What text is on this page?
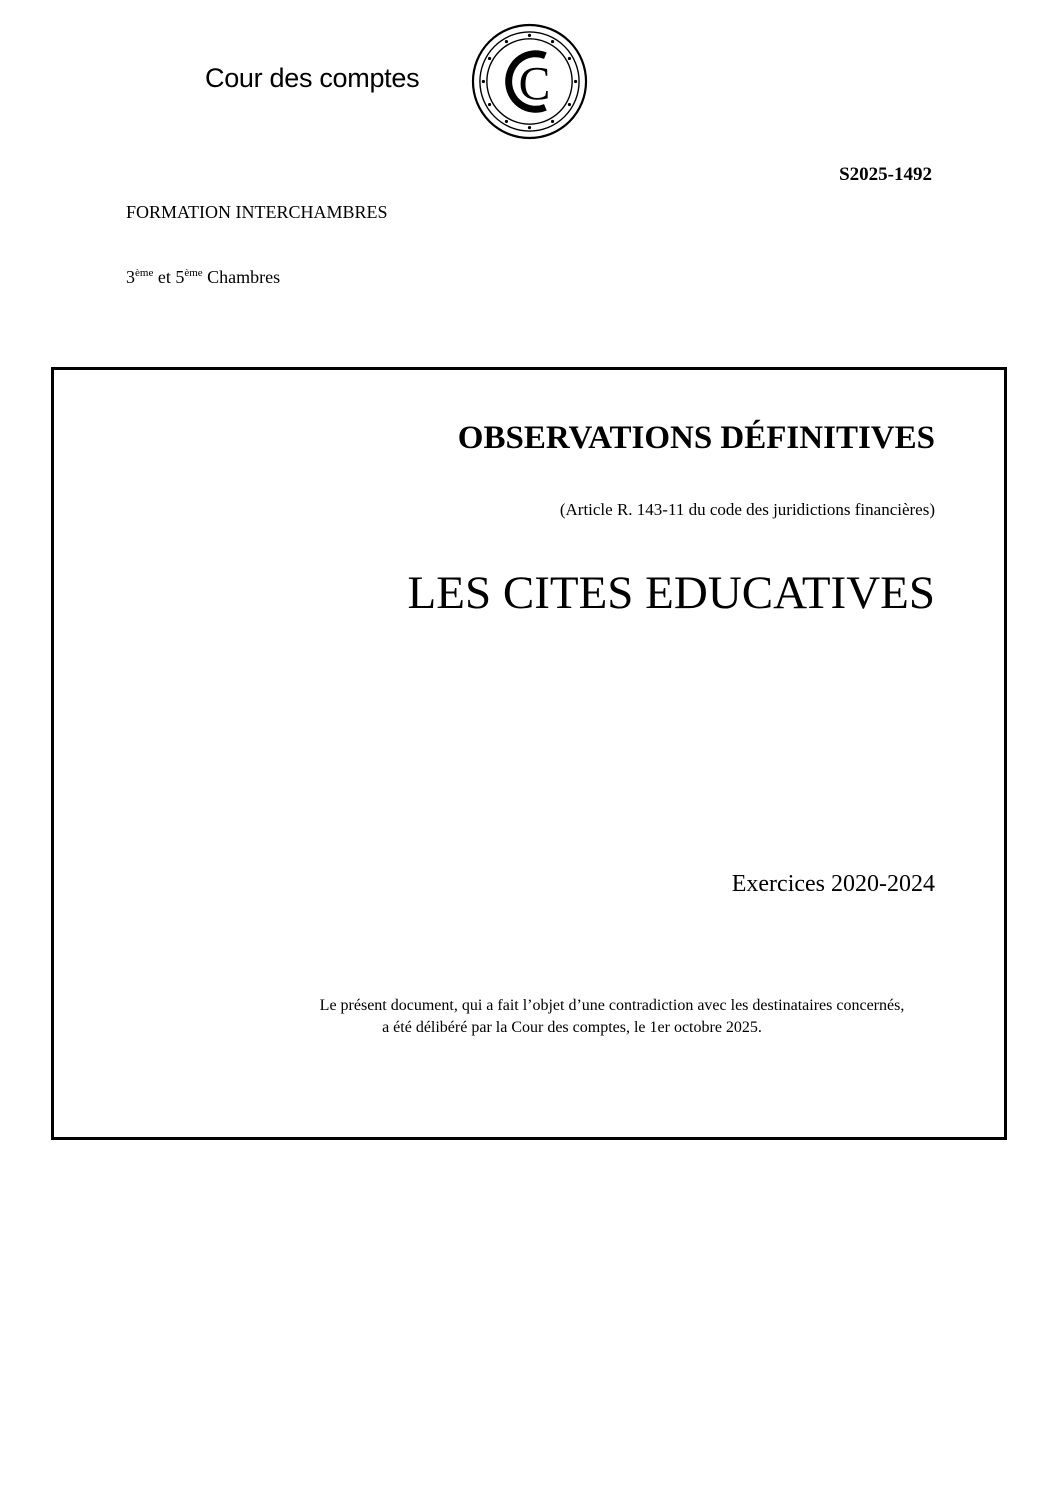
Cour des comptes C
S2025-1492
FORMATION INTERCHAMBRES
3ème et 5ème Chambres
OBSERVATIONS DÉFINITIVES
(Article R. 143-11 du code des juridictions financières)
LES CITES EDUCATIVES
Exercices 2020-2024
Le présent document, qui a fait l’objet d’une contradiction avec les destinataires concernés,
a été délibéré par la Cour des comptes, le 1er octobre 2025.
